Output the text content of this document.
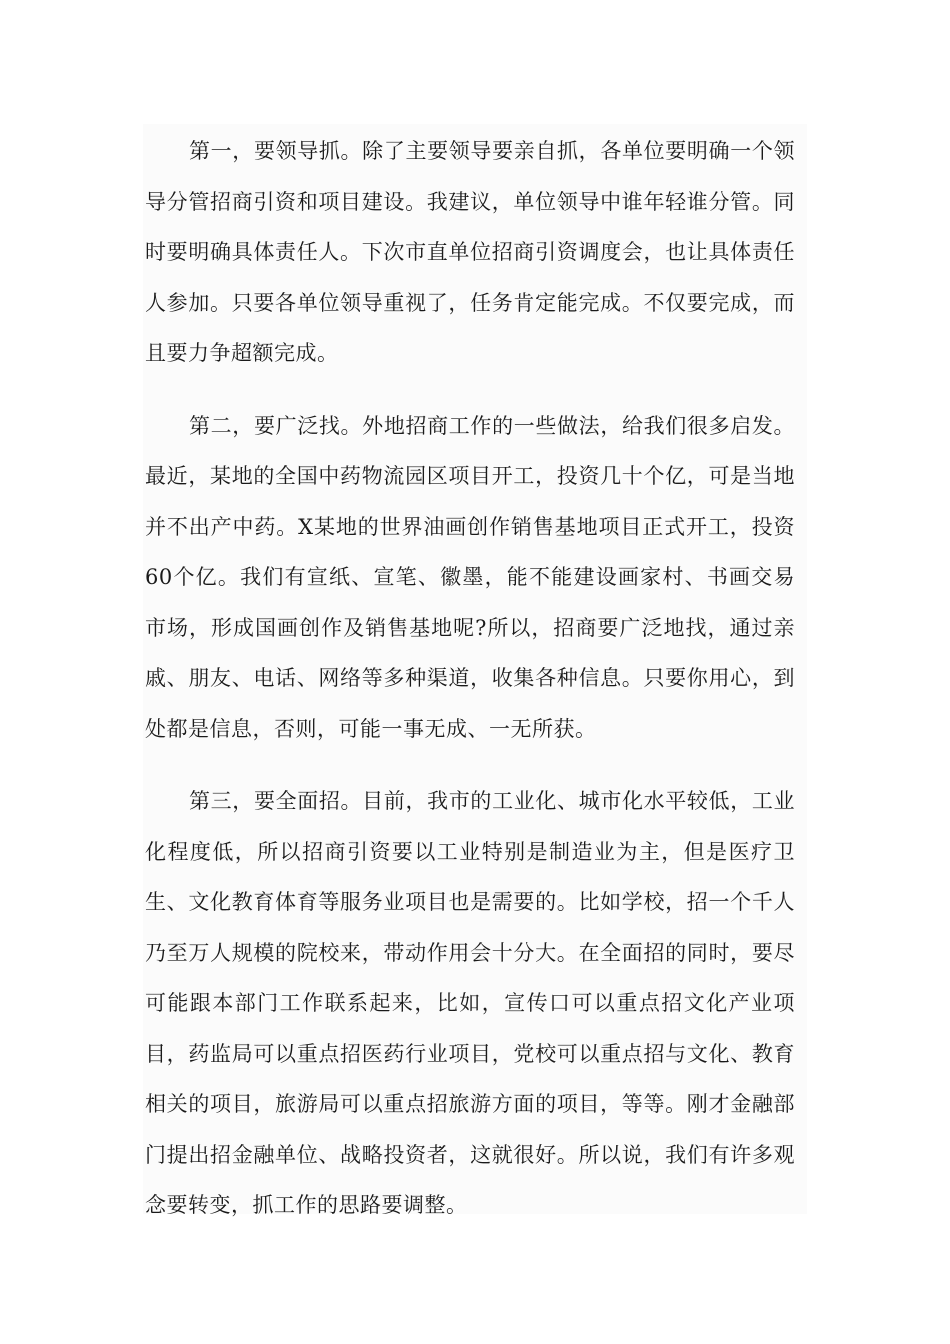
第一，要领导抓。除了主要领导要亲自抓，各单位要明确一个领导分管招商引资和项目建设。我建议，单位领导中谁年轻谁分管。同时要明确具体责任人。下次市直单位招商引资调度会，也让具体责任人参加。只要各单位领导重视了，任务肯定能完成。不仅要完成，而且要力争超额完成。

第二，要广泛找。外地招商工作的一些做法，给我们很多启发。最近，某地的全国中药物流园区项目开工，投资几十个亿，可是当地并不出产中药。X某地的世界油画创作销售基地项目正式开工，投资60个亿。我们有宣纸、宣笔、徽墨，能不能建设画家村、书画交易市场，形成国画创作及销售基地呢?所以，招商要广泛地找，通过亲戚、朋友、电话、网络等多种渠道，收集各种信息。只要你用心，到处都是信息，否则，可能一事无成、一无所获。

第三，要全面招。目前，我市的工业化、城市化水平较低，工业化程度低，所以招商引资要以工业特别是制造业为主，但是医疗卫生、文化教育体育等服务业项目也是需要的。比如学校，招一个千人乃至万人规模的院校来，带动作用会十分大。在全面招的同时，要尽可能跟本部门工作联系起来，比如，宣传口可以重点招文化产业项目，药监局可以重点招医药行业项目，党校可以重点招与文化、教育相关的项目，旅游局可以重点招旅游方面的项目，等等。刚才金融部门提出招金融单位、战略投资者，这就很好。所以说，我们有许多观念要转变，抓工作的思路要调整。
